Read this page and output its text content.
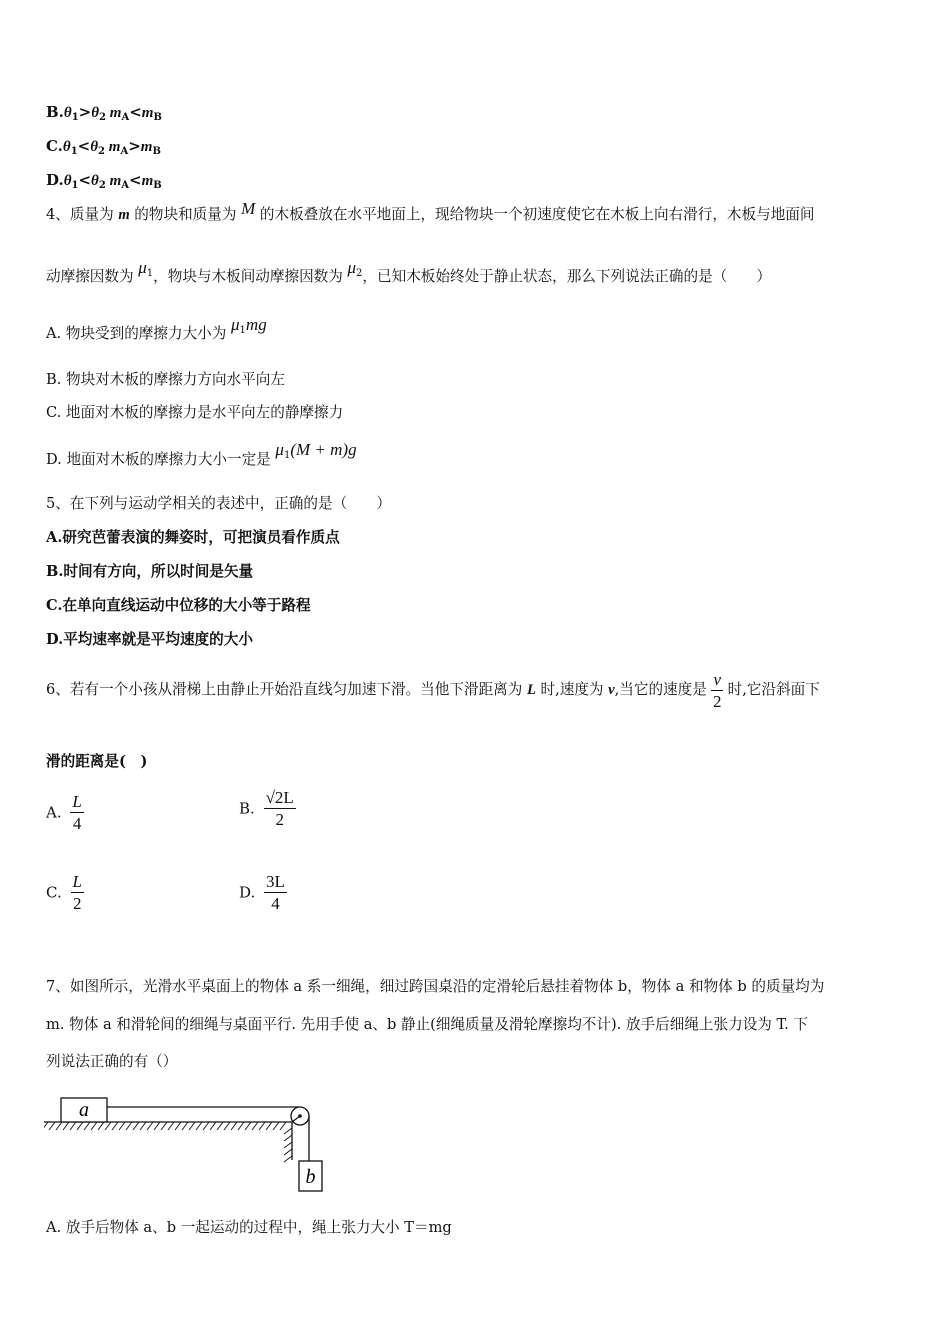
$B.\theta_1>\theta_2$ $m_A<m_B$
$C.\theta_1<\theta_2$ $m_A>m_B$
$D.\theta_1<\theta_2$ $m_A<m_B$
4、质量为 m 的物块和质量为 M 的木板叠放在水平地面上，现给物块一个初速度使它在木板上向右滑行，木板与地面间
动摩擦因数为 $\mu_1$，物块与木板间动摩擦因数为 $\mu_2$，已知木板始终处于静止状态，那么下列说法正确的是（　　）
A. 物块受到的摩擦力大小为 $\mu_1mg$
B. 物块对木板的摩擦力方向水平向左
C. 地面对木板的摩擦力是水平向左的静摩擦力
D. 地面对木板的摩擦力大小一定是 $\mu_1(M + m)g$
5、在下列与运动学相关的表述中，正确的是（　　）
A.研究芭蕾表演的舞姿时，可把演员看作质点
B.时间有方向，所以时间是矢量
C.在单向直线运动中位移的大小等于路程
D.平均速率就是平均速度的大小
6、若有一个小孩从滑梯上由静止开始沿直线匀加速下滑。当他下滑距离为 L 时,速度为 v,当它的速度是 $\frac{v}{2}$ 时,它沿斜面下
滑的距离是(　)
A. $\frac{L}{4}$	B. $\frac{√2L}{2}$
C. $\frac{L}{2}$	D. $\frac{3L}{4}$
7、如图所示，光滑水平桌面上的物体 a 系一细绳，细过跨国桌沿的定滑轮后悬挂着物体 b，物体 a 和物体 b 的质量均为
m. 物体 a 和滑轮间的细绳与桌面平行. 先用手使 a、b 静止(细绳质量及滑轮摩擦均不计). 放手后细绳上张力设为 T. 下
列说法正确的有（）
a
b
A. 放手后物体 a、b 一起运动的过程中，绳上张力大小 T＝mg
